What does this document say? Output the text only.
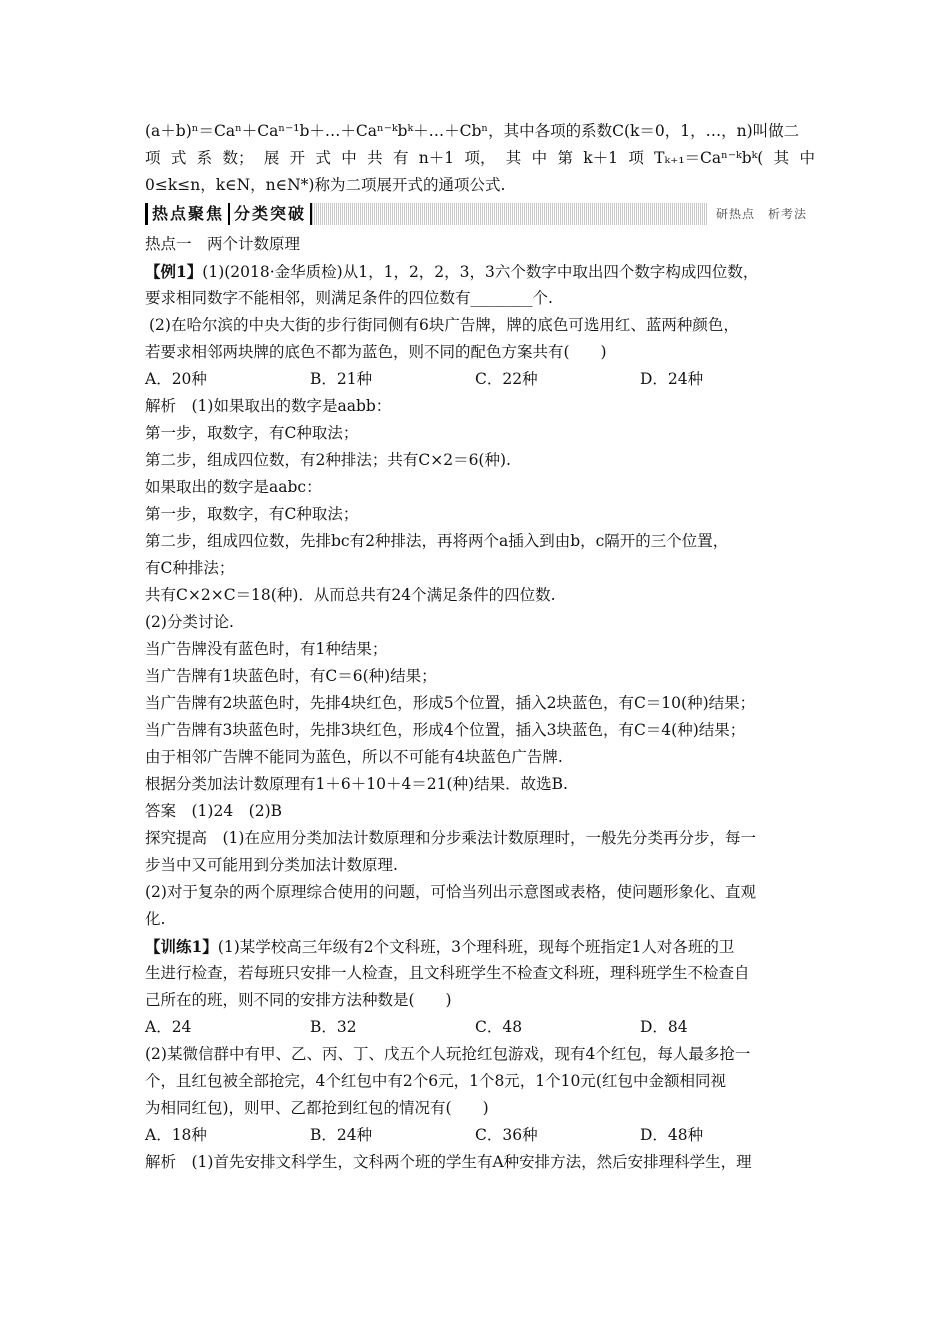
(a＋b)ⁿ＝Caⁿ＋Caⁿ⁻¹b＋…＋Caⁿ⁻ᵏbᵏ＋…＋Cbⁿ，其中各项的系数C(k＝0，1，…，n)叫做二
项 式 系 数； 展 开 式 中 共 有 n＋1 项， 其 中 第 k＋1 项 Tₖ₊₁＝Caⁿ⁻ᵏbᵏ( 其 中
0≤k≤n，k∈N，n∈N*)称为二项展开式的通项公式.
热点聚焦 分类突破	研热点　析考法
热点一　两个计数原理
【例1】(1)(2018·金华质检)从1，1，2，2，3，3六个数字中取出四个数字构成四位数，
要求相同数字不能相邻，则满足条件的四位数有________个.
(2)在哈尔滨的中央大街的步行街同侧有6块广告牌，牌的底色可选用红、蓝两种颜色，
若要求相邻两块牌的底色不都为蓝色，则不同的配色方案共有(　　)
A．20种	B．21种	C．22种	D．24种
解析　(1)如果取出的数字是aabb：
第一步，取数字，有C种取法；
第二步，组成四位数，有2种排法；共有C×2＝6(种).
如果取出的数字是aabc：
第一步，取数字，有C种取法；
第二步，组成四位数，先排bc有2种排法，再将两个a插入到由b，c隔开的三个位置，
有C种排法；
共有C×2×C＝18(种)．从而总共有24个满足条件的四位数.
(2)分类讨论.
当广告牌没有蓝色时，有1种结果；
当广告牌有1块蓝色时，有C＝6(种)结果；
当广告牌有2块蓝色时，先排4块红色，形成5个位置，插入2块蓝色，有C＝10(种)结果；
当广告牌有3块蓝色时，先排3块红色，形成4个位置，插入3块蓝色，有C＝4(种)结果；
由于相邻广告牌不能同为蓝色，所以不可能有4块蓝色广告牌.
根据分类加法计数原理有1＋6＋10＋4＝21(种)结果．故选B.
答案　(1)24　(2)B
探究提高　(1)在应用分类加法计数原理和分步乘法计数原理时，一般先分类再分步，每一
步当中又可能用到分类加法计数原理.
(2)对于复杂的两个原理综合使用的问题，可恰当列出示意图或表格，使问题形象化、直观
化.
【训练1】(1)某学校高三年级有2个文科班，3个理科班，现每个班指定1人对各班的卫
生进行检查，若每班只安排一人检查，且文科班学生不检查文科班，理科班学生不检查自
己所在的班，则不同的安排方法种数是(　　)
A．24	B．32	C．48	D．84
(2)某微信群中有甲、乙、丙、丁、戊五个人玩抢红包游戏，现有4个红包，每人最多抢一
个，且红包被全部抢完，4个红包中有2个6元，1个8元，1个10元(红包中金额相同视
为相同红包)，则甲、乙都抢到红包的情况有(　　)
A．18种	B．24种	C．36种	D．48种
解析　(1)首先安排文科学生，文科两个班的学生有A种安排方法，然后安排理科学生，理
